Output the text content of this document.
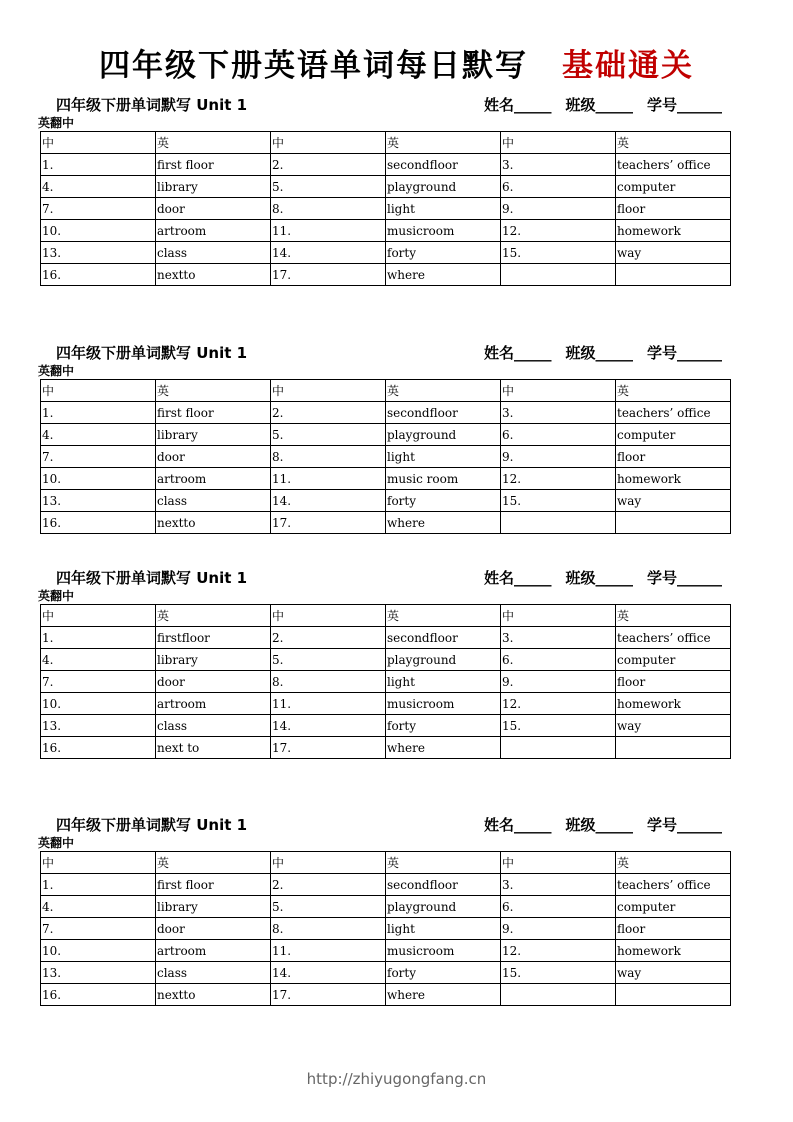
四年级下册英语单词每日默写 基础通关
四年级下册单词默写 Unit 1	姓名_____ 班级_____ 学号______
英翻中
中	英	中	英	中	英
1.	first floor	2.	secondfloor	3.	teachers’ office
4.	library	5.	playground	6.	computer
7.	door	8.	light	9.	floor
10.	artroom	11.	musicroom	12.	homework
13.	class	14.	forty	15.	way
16.	nextto	17.	where		
四年级下册单词默写 Unit 1	姓名_____ 班级_____ 学号______
英翻中
中	英	中	英	中	英
1.	first floor	2.	secondfloor	3.	teachers’ office
4.	library	5.	playground	6.	computer
7.	door	8.	light	9.	floor
10.	artroom	11.	music room	12.	homework
13.	class	14.	forty	15.	way
16.	nextto	17.	where		
四年级下册单词默写 Unit 1	姓名_____ 班级_____ 学号______
英翻中
中	英	中	英	中	英
1.	firstfloor	2.	secondfloor	3.	teachers’ office
4.	library	5.	playground	6.	computer
7.	door	8.	light	9.	floor
10.	artroom	11.	musicroom	12.	homework
13.	class	14.	forty	15.	way
16.	next to	17.	where		
四年级下册单词默写 Unit 1	姓名_____ 班级_____ 学号______
英翻中
中	英	中	英	中	英
1.	first floor	2.	secondfloor	3.	teachers’ office
4.	library	5.	playground	6.	computer
7.	door	8.	light	9.	floor
10.	artroom	11.	musicroom	12.	homework
13.	class	14.	forty	15.	way
16.	nextto	17.	where		
http://zhiyugongfang.cn
